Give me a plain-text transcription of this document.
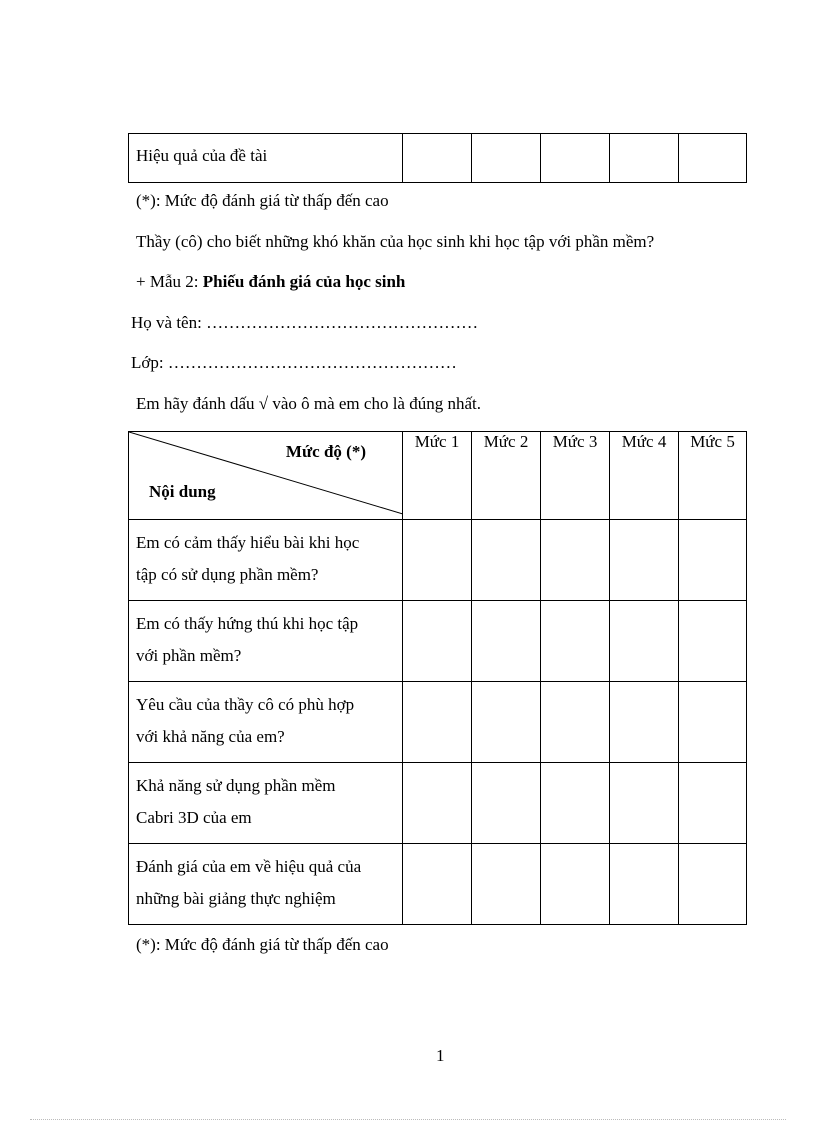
Hiệu quả của đề tài

(*): Mức độ đánh giá từ thấp đến cao
Thầy (cô) cho biết những khó khăn của học sinh khi học tập với phần mềm?
+ Mẫu 2: Phiếu đánh giá của học sinh
Họ và tên: …………………………………………
Lớp: ……………………………………………
Em hãy đánh dấu √ vào ô mà em cho là đúng nhất.
Mức độ (*)
Nội dung	Mức 1	Mức 2	Mức 3	Mức 4	Mức 5

Em có cảm thấy hiểu bài khi học
tập có sử dụng phần mềm?					

Em có thấy hứng thú khi học tập
với phần mềm?					

Yêu cầu của thầy cô có phù hợp
với khả năng của em?					

Khả năng sử dụng phần mềm
Cabri 3D của em					

Đánh giá của em về hiệu quả của
những bài giảng thực nghiệm					

(*): Mức độ đánh giá từ thấp đến cao
1
